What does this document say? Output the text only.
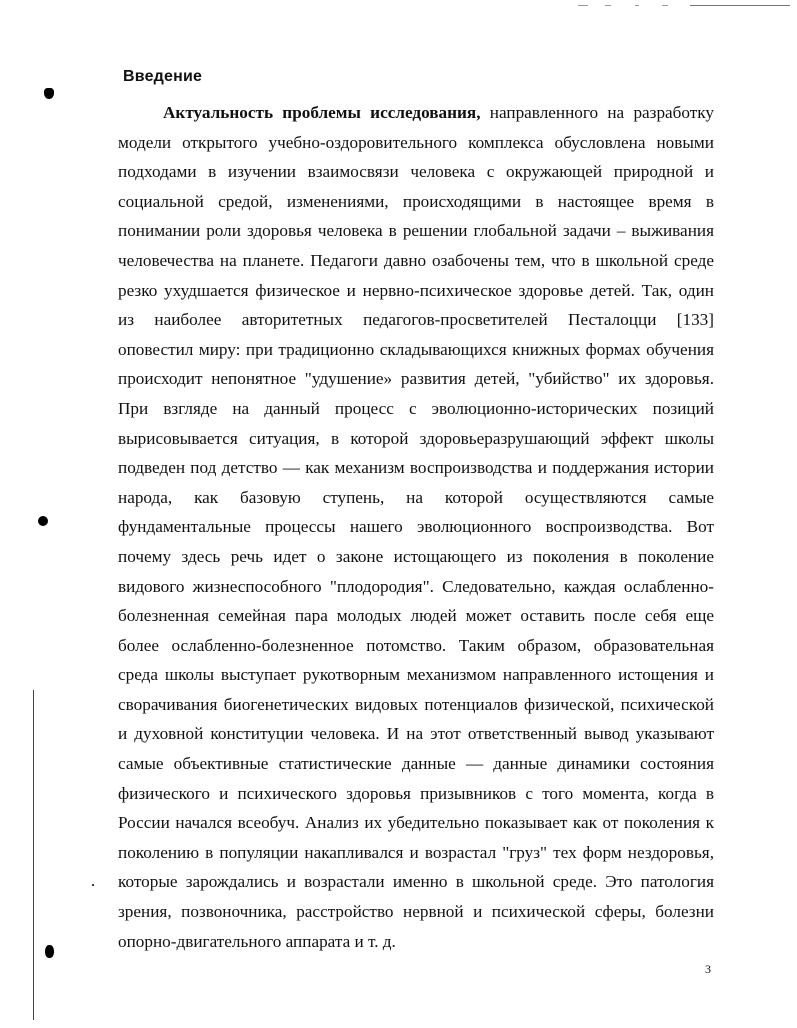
Введение
Актуальность проблемы исследования, направленного на разработку
модели открытого учебно-оздоровительного комплекса обусловлена новыми
подходами в изучении взаимосвязи человека с окружающей природной и
социальной средой, изменениями, происходящими в настоящее время в
понимании роли здоровья человека в решении глобальной задачи – выживания
человечества на планете. Педагоги давно озабочены тем, что в школьной среде
резко ухудшается физическое и нервно-психическое здоровье детей. Так, один
из наиболее авторитетных педагогов-просветителей Песталоцци [133]
оповестил миру: при традиционно складывающихся книжных формах обучения
происходит непонятное "удушение» развития детей, "убийство" их здоровья.
При взгляде на данный процесс с эволюционно-исторических позиций
вырисовывается ситуация, в которой здоровьеразрушающий эффект школы
подведен под детство — как механизм воспроизводства и поддержания истории
народа, как базовую ступень, на которой осуществляются самые
фундаментальные процессы нашего эволюционного воспроизводства. Вот
почему здесь речь идет о законе истощающего из поколения в поколение
видового жизнеспособного "плодородия". Следовательно, каждая ослабленно-
болезненная семейная пара молодых людей может оставить после себя еще
более ослабленно-болезненное потомство. Таким образом, образовательная
среда школы выступает рукотворным механизмом направленного истощения и
сворачивания биогенетических видовых потенциалов физической, психической
и духовной конституции человека. И на этот ответственный вывод указывают
самые объективные статистические данные — данные динамики состояния
физического и психического здоровья призывников с того момента, когда в
России начался всеобуч. Анализ их убедительно показывает как от поколения к
поколению в популяции накапливался и возрастал "груз" тех форм нездоровья,
которые зарождались и возрастали именно в школьной среде. Это патология
зрения, позвоночника, расстройство нервной и психической сферы, болезни
опорно-двигательного аппарата и т. д.
3
